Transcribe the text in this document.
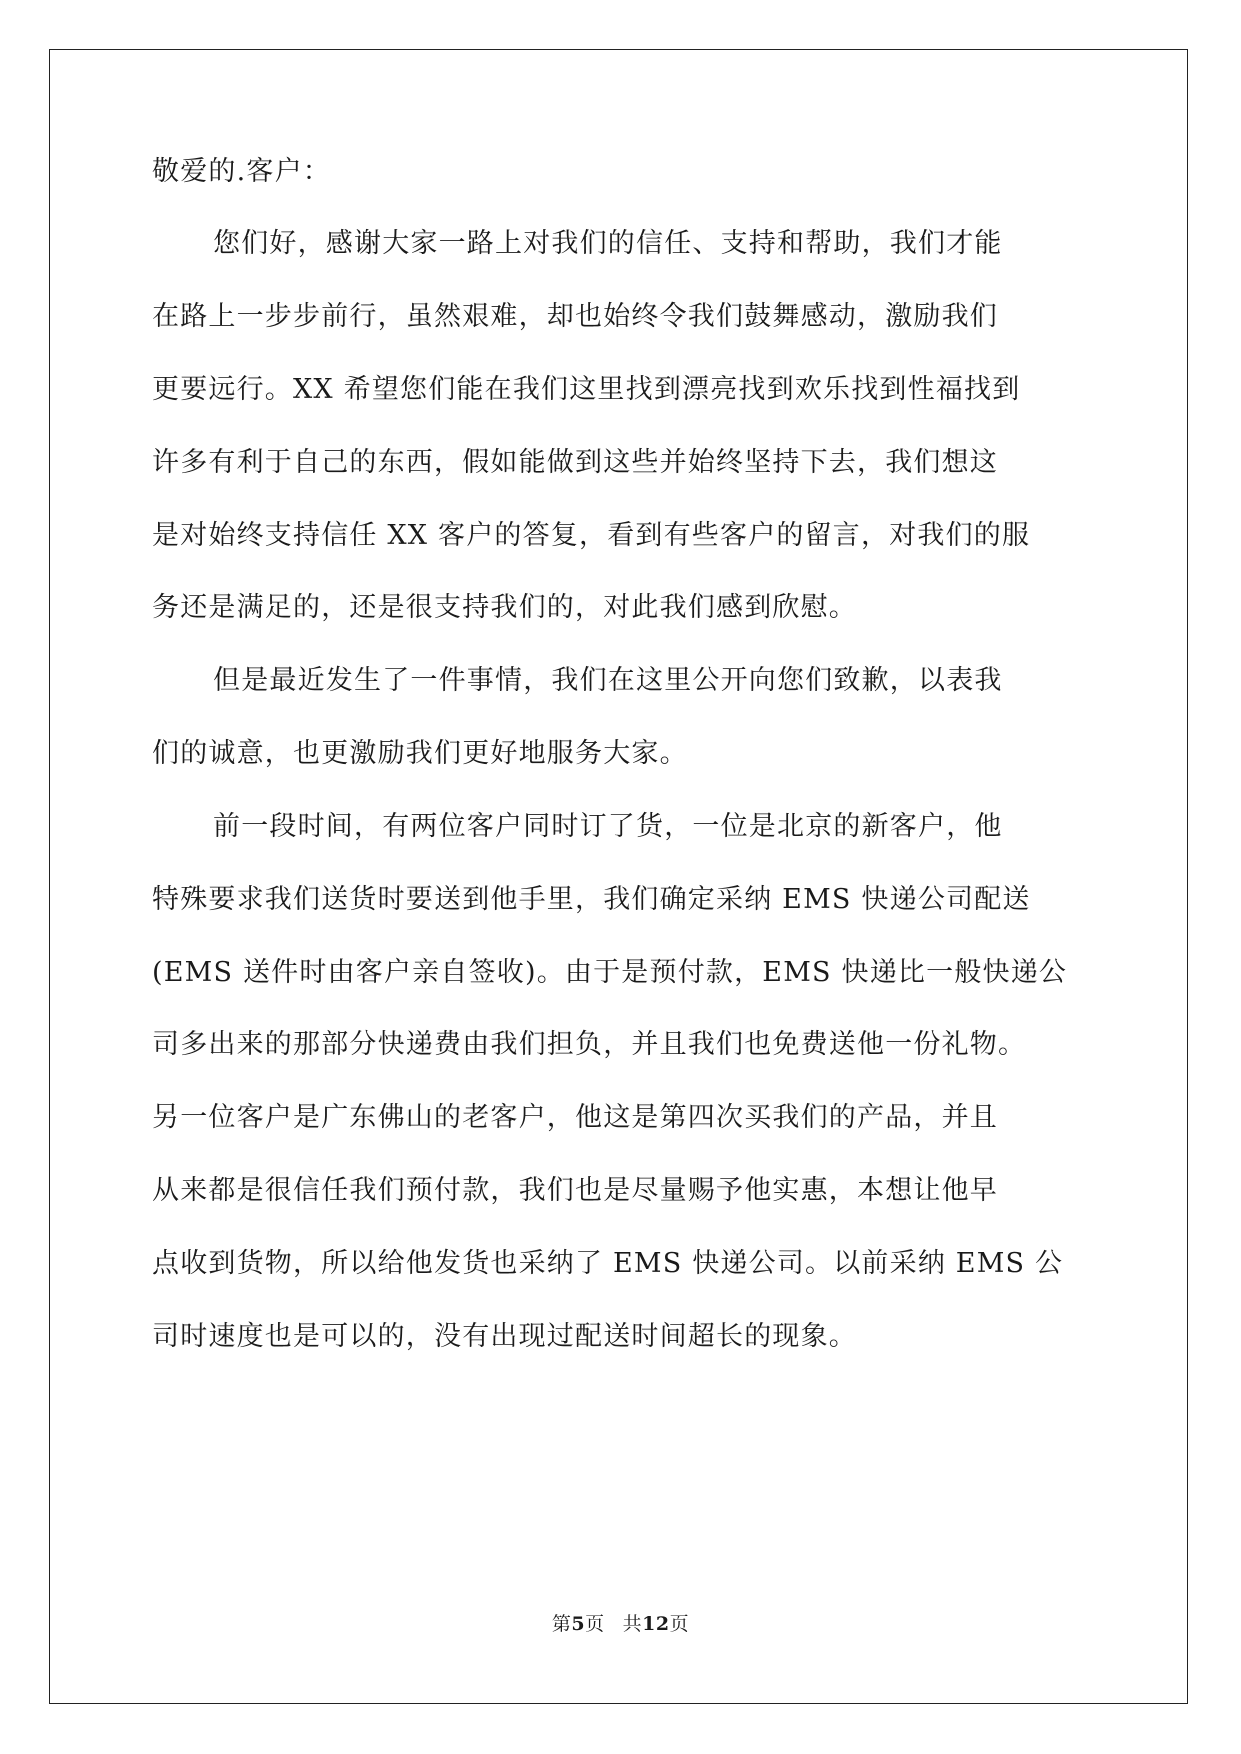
敬爱的.客户：
您们好，感谢大家一路上对我们的信任、支持和帮助，我们才能
在路上一步步前行，虽然艰难，却也始终令我们鼓舞感动，激励我们
更要远行。XX 希望您们能在我们这里找到漂亮找到欢乐找到性福找到
许多有利于自己的东西，假如能做到这些并始终坚持下去，我们想这
是对始终支持信任 XX 客户的答复，看到有些客户的留言，对我们的服
务还是满足的，还是很支持我们的，对此我们感到欣慰。
但是最近发生了一件事情，我们在这里公开向您们致歉，以表我
们的诚意，也更激励我们更好地服务大家。
前一段时间，有两位客户同时订了货，一位是北京的新客户，他
特殊要求我们送货时要送到他手里，我们确定采纳 EMS 快递公司配送
(EMS 送件时由客户亲自签收)。由于是预付款，EMS 快递比一般快递公
司多出来的那部分快递费由我们担负，并且我们也免费送他一份礼物。
另一位客户是广东佛山的老客户，他这是第四次买我们的产品，并且
从来都是很信任我们预付款，我们也是尽量赐予他实惠，本想让他早
点收到货物，所以给他发货也采纳了 EMS 快递公司。以前采纳 EMS 公
司时速度也是可以的，没有出现过配送时间超长的现象。
第5页 共12页
